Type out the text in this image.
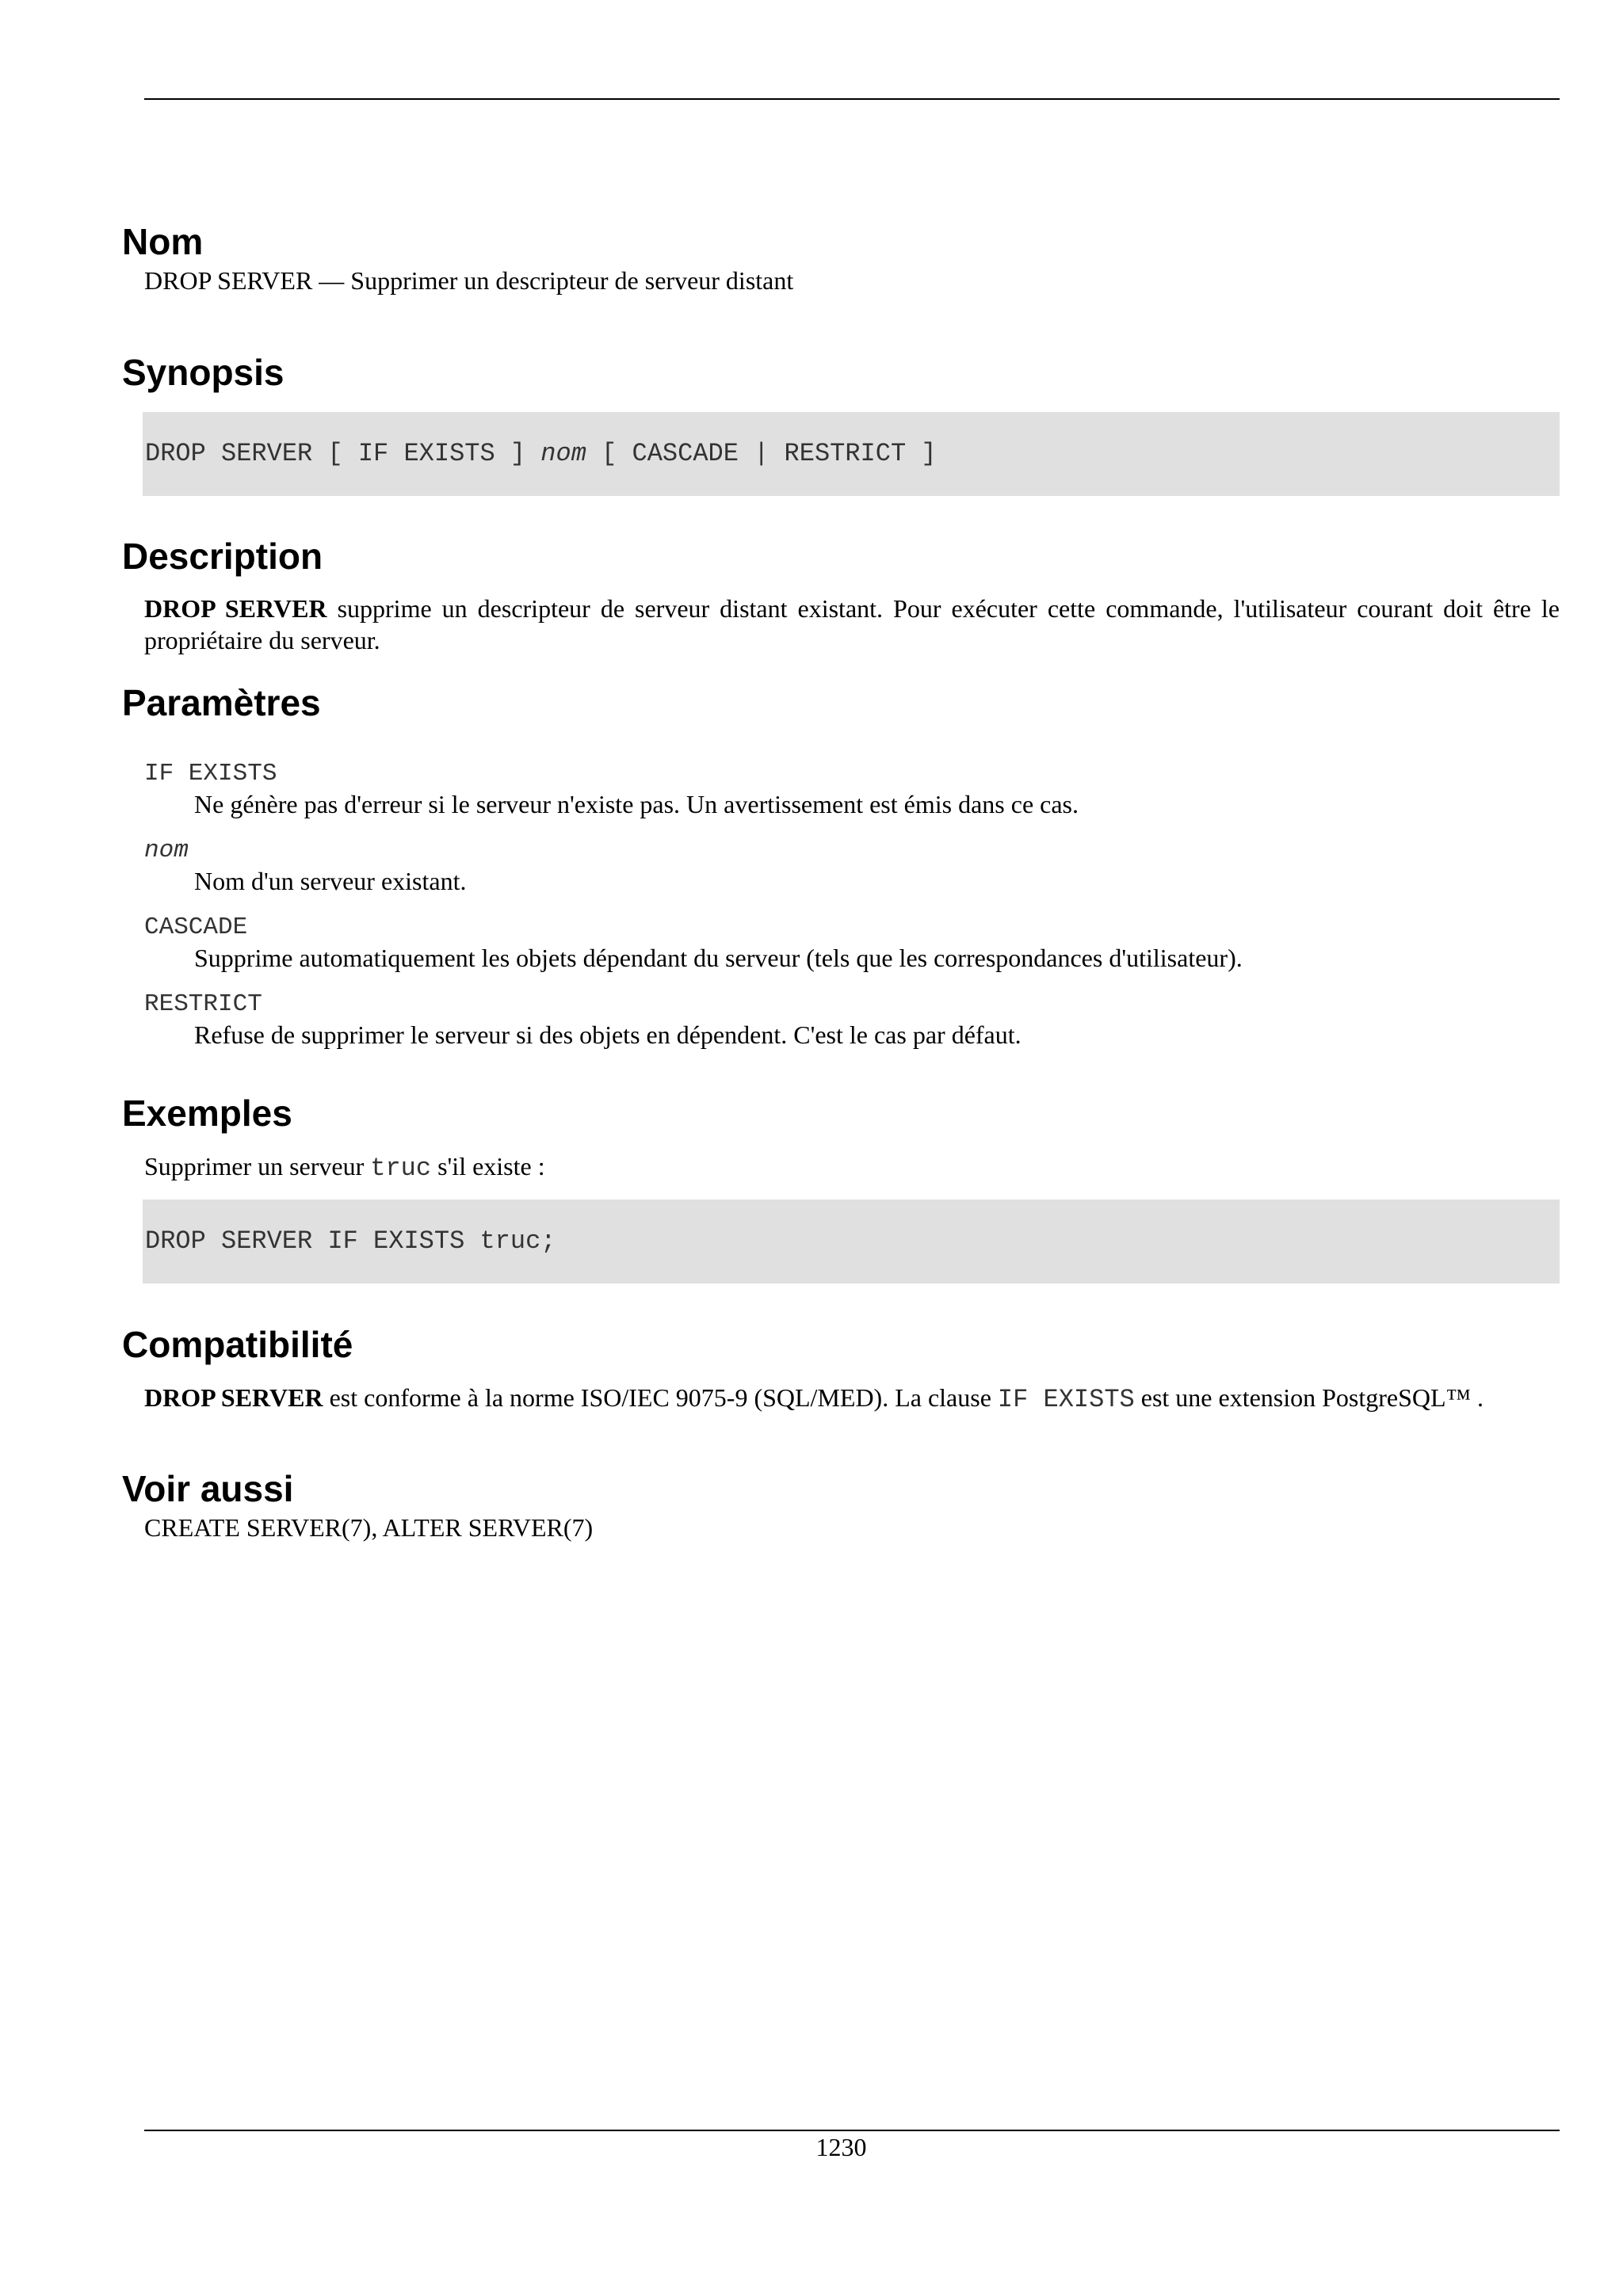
Nom

DROP SERVER — Supprimer un descripteur de serveur distant

Synopsis
DROP SERVER [ IF EXISTS ] nom [ CASCADE | RESTRICT ]
Description

DROP SERVER supprime un descripteur de serveur distant existant. Pour exécuter cette commande, l'utilisateur courant doit être le propriétaire du serveur.

Paramètres

IF EXISTS

Ne génère pas d'erreur si le serveur n'existe pas. Un avertissement est émis dans ce cas.

nom

Nom d'un serveur existant.

CASCADE

Supprime automatiquement les objets dépendant du serveur (tels que les correspondances d'utilisateur).

RESTRICT

Refuse de supprimer le serveur si des objets en dépendent. C'est le cas par défaut.

Exemples

Supprimer un serveur truc s'il existe :

DROP SERVER IF EXISTS truc;
Compatibilité

DROP SERVER est conforme à la norme ISO/IEC 9075-9 (SQL/MED). La clause IF EXISTS est une extension PostgreSQL™ .

Voir aussi

CREATE SERVER(7), ALTER SERVER(7)

1230
